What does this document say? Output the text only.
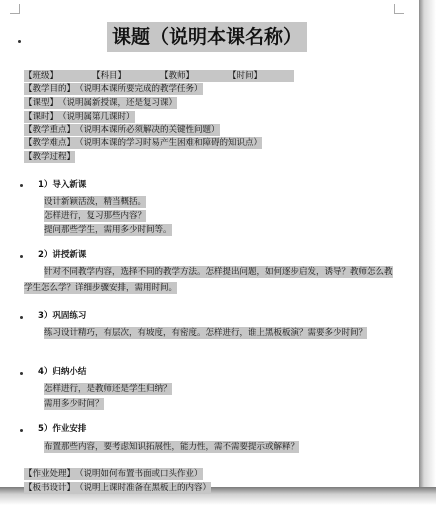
课题（说明本课名称）
【班级】	【科目】	【教师】	【时间】
【教学目的】　（说明本课所要完成的教学任务）
【课型】　（说明属新授课，还是复习课）
【课时】　（说明属第几课时）
【教学重点】　（说明本课所必须解决的关键性问题）
【教学难点】　（说明本课的学习时易产生困难和障碍的知识点）
【教学过程】
1）导入新课
设计新颖活泼，精当概括。
怎样进行，复习那些内容？
提问那些学生，需用多少时间等。
2）讲授新课
针对不同教学内容，选择不同的教学方法。怎样提出问题，如何逐步启发，诱导？教师怎么教学生怎么学？详细步骤安排，需用时间。
3）巩固练习
练习设计精巧，有层次，有坡度，有密度。怎样进行，谁上黑板板演？需要多少时间？
4）归纳小结
怎样进行，是教师还是学生归纳？
需用多少时间？
5）作业安排
布置那些内容，要考虑知识拓展性，能力性，需不需要提示或解释？
【作业处理】　（说明如何布置书面或口头作业）
【板书设计】　（说明上课时准备在黑板上的内容）
